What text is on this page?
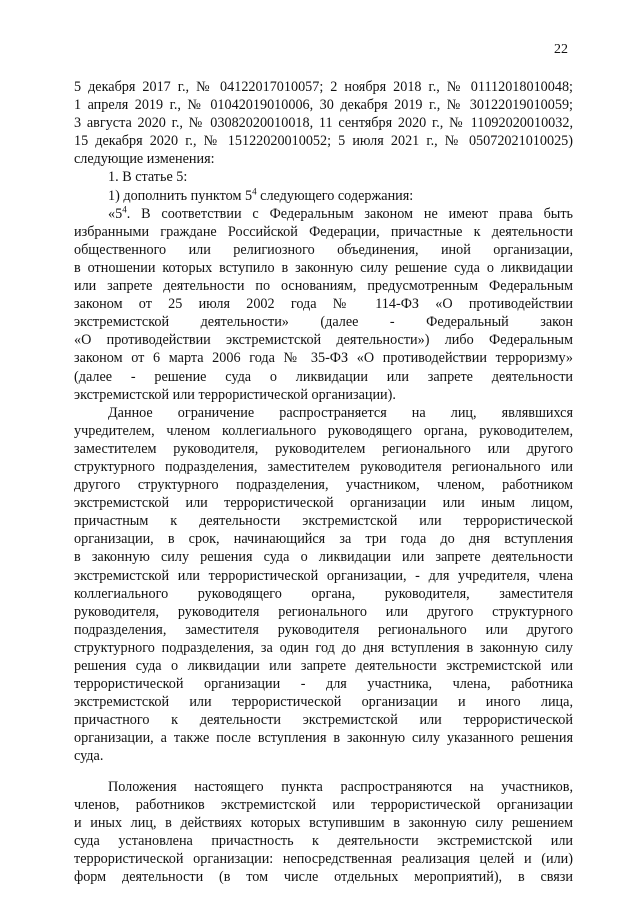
22
5 декабря 2017 г., № 04122017010057; 2 ноября 2018 г., № 01112018010048;
1 апреля 2019 г., № 01042019010006, 30 декабря 2019 г., № 30122019010059;
3 августа 2020 г., № 03082020010018, 11 сентября 2020 г., № 11092020010032,
15 декабря 2020 г., № 15122020010052; 5 июля 2021 г., № 05072021010025)
следующие изменения:
1. В статье 5:
1) дополнить пунктом $5^4$ следующего содержания:
«$5^4$. В соответствии с Федеральным законом не имеют права быть
избранными граждане Российской Федерации, причастные к деятельности
общественного или религиозного объединения, иной организации,
в отношении которых вступило в законную силу решение суда о ликвидации
или запрете деятельности по основаниям, предусмотренным Федеральным
законом от 25 июля 2002 года № 114-ФЗ «О противодействии
экстремистской деятельности» (далее - Федеральный закон
«О противодействии экстремистской деятельности») либо Федеральным
законом от 6 марта 2006 года № 35-ФЗ «О противодействии терроризму»
(далее - решение суда о ликвидации или запрете деятельности
экстремистской или террористической организации).
Данное ограничение распространяется на лиц, являвшихся
учредителем, членом коллегиального руководящего органа, руководителем,
заместителем руководителя, руководителем регионального или другого
структурного подразделения, заместителем руководителя регионального или
другого структурного подразделения, участником, членом, работником
экстремистской или террористической организации или иным лицом,
причастным к деятельности экстремистской или террористической
организации, в срок, начинающийся за три года до дня вступления
в законную силу решения суда о ликвидации или запрете деятельности
экстремистской или террористической организации, - для учредителя, члена
коллегиального руководящего органа, руководителя, заместителя
руководителя, руководителя регионального или другого структурного
подразделения, заместителя руководителя регионального или другого
структурного подразделения, за один год до дня вступления в законную силу
решения суда о ликвидации или запрете деятельности экстремистской или
террористической организации - для участника, члена, работника
экстремистской или террористической организации и иного лица,
причастного к деятельности экстремистской или террористической
организации, а также после вступления в законную силу указанного решения
суда.
Положения настоящего пункта распространяются на участников,
членов, работников экстремистской или террористической организации
и иных лиц, в действиях которых вступившим в законную силу решением
суда установлена причастность к деятельности экстремистской или
террористической организации: непосредственная реализация целей и (или)
форм деятельности (в том числе отдельных мероприятий), в связи
